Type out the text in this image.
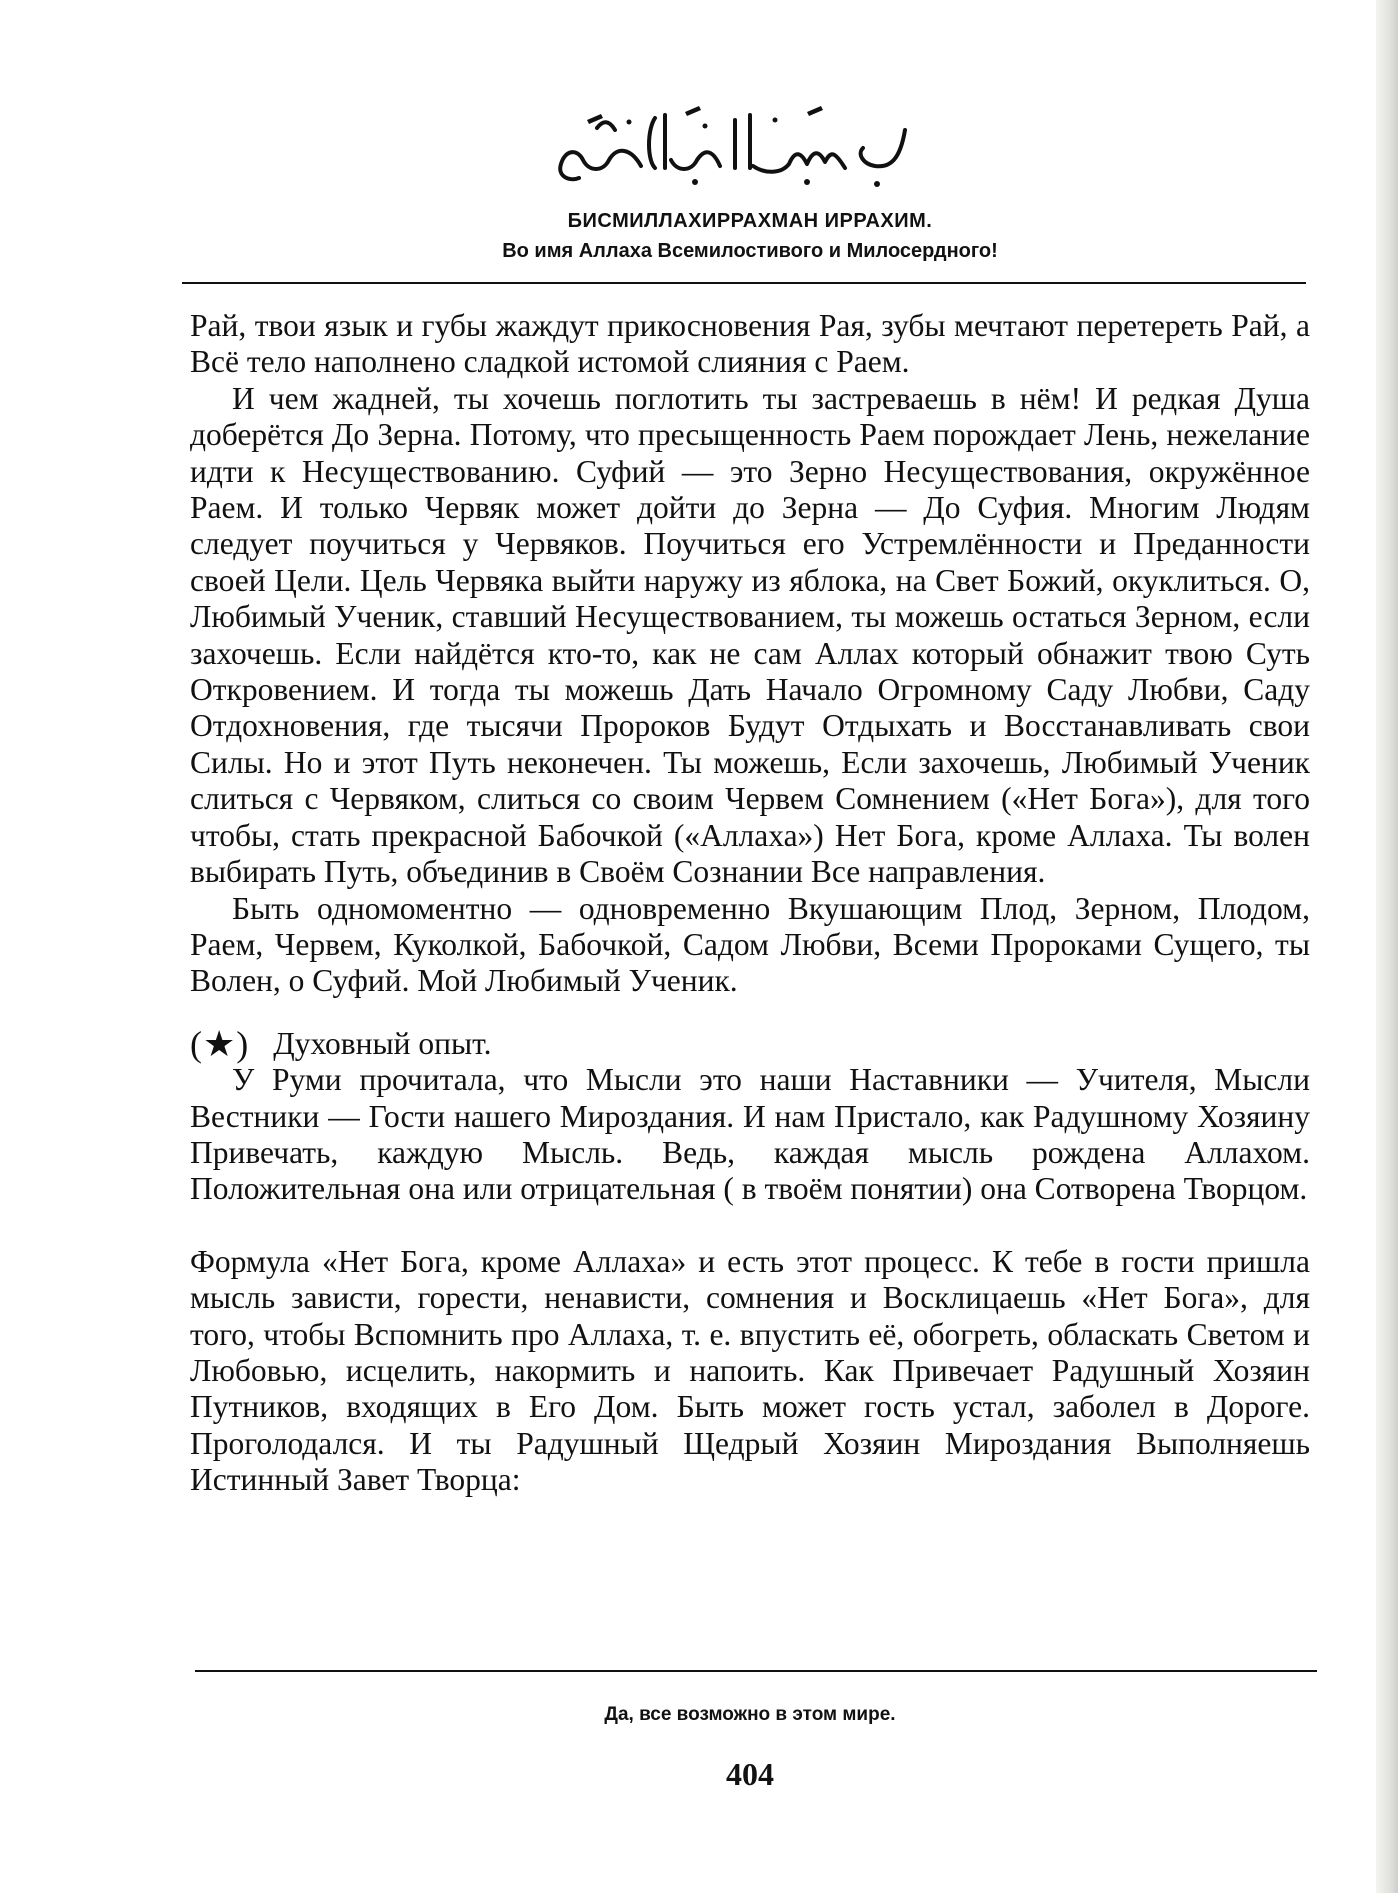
БИСМИЛЛАХИРРАХМАН ИРРАХИМ.
Во имя Аллаха Всемилостивого и Милосердного!

Рай, твои язык и губы жаждут прикосновения Рая, зубы мечтают перетереть Рай, а Всё тело наполнено сладкой истомой слияния с Раем.

И чем жадней, ты хочешь поглотить ты застреваешь в нём! И редкая Душа доберётся До Зерна. Потому, что пресыщенность Раем порождает Лень, нежелание идти к Несуществованию. Суфий — это Зерно Несуществования, окружённое Раем. И только Червяк может дойти до Зерна — До Суфия. Многим Людям следует поучиться у Червяков. Поучиться его Устремлённости и Преданности своей Цели. Цель Червяка выйти наружу из яблока, на Свет Божий, окуклиться. О, Любимый Ученик, ставший Несуществованием, ты можешь остаться Зерном, если захочешь. Если найдётся кто-то, как не сам Аллах который обнажит твою Суть Откровением. И тогда ты можешь Дать Начало Огромному Саду Любви, Саду Отдохновения, где тысячи Пророков Будут Отдыхать и Восстанавливать свои Силы. Но и этот Путь неконечен. Ты можешь, Если захочешь, Любимый Ученик слиться с Червяком, слиться со своим Червем Сомнением («Нет Бога»), для того чтобы, стать прекрасной Бабочкой («Аллаха») Нет Бога, кроме Аллаха. Ты волен выбирать Путь, объединив в Своём Сознании Все направления.

Быть одномоментно — одновременно Вкушающим Плод, Зерном, Плодом, Раем, Червем, Куколкой, Бабочкой, Садом Любви, Всеми Пророками Сущего, ты Волен, о Суфий. Мой Любимый Ученик.

(★) Духовный опыт.

У Руми прочитала, что Мысли это наши Наставники — Учителя, Мысли Вестники — Гости нашего Мироздания. И нам Пристало, как Радушному Хозяину Привечать, каждую Мысль. Ведь, каждая мысль рождена Аллахом. Положительная она или отрицательная ( в твоём понятии) она Сотворена Творцом.

Формула «Нет Бога, кроме Аллаха» и есть этот процесс. К тебе в гости пришла мысль зависти, горести, ненависти, сомнения и Восклицаешь «Нет Бога», для того, чтобы Вспомнить про Аллаха, т. е. впустить её, обогреть, обласкать Светом и Любовью, исцелить, накормить и напоить. Как Привечает Радушный Хозяин Путников, входящих в Его Дом. Быть может гость устал, заболел в Дороге. Проголодался. И ты Радушный Щедрый Хозяин Мироздания Выполняешь Истинный Завет Творца:

Да, все возможно в этом мире.
404
